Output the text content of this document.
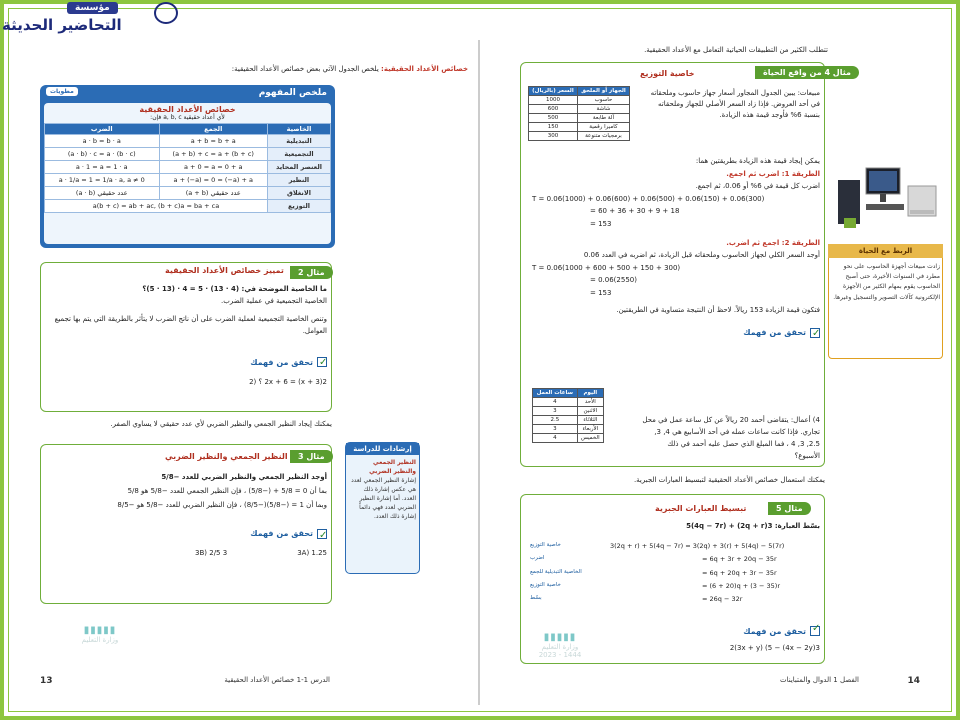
مؤسسة
التحاضير الحديثة
خصائص الأعداد الحقيقية: يلخص الجدول الآتي بعض خصائص الأعداد الحقيقية:
ملخص المفهوم
مطويات
خصائص الأعداد الحقيقية
لأي أعداد حقيقية a, b, c فإن:
الخاصية	الجمع	الضرب
التبديلية	a + b = b + a	a · b = b · a
التجميعية	(a + b) + c = a + (b + c)	(a · b) · c = a · (b · c)
العنصر المحايد	a + 0 = a = 0 + a	a · 1 = a = 1 · a
النظير	a + (−a) = 0 = (−a) + a	a · 1/a = 1 = 1/a · a, a ≠ 0
الانغلاق	(a + b) عدد حقيقي	(a · b) عدد حقيقي
التوزيع	a(b + c) = ab + ac, (b + c)a = ba + ca	
مثال 2
تمييز خصائص الأعداد الحقيقية
ما الخاصية الموضحة في: (4 · 13) · 5 = 4 · (13 · 5)؟
الخاصية التجميعية في عملية الضرب.
وتنص الخاصية التجميعية لعملية الضرب على أن ناتج الضرب لا يتأثر بالطريقة التي يتم بها تجميع العوامل.
✓
تحقق من فهمك
2(x + 3) = 2x + 6 ؟ (2
يمكنك إيجاد النظير الجمعي والنظير الضربي لأي عدد حقيقي لا يساوي الصفر.
مثال 3
النظير الجمعي والنظير الضربي
أوجد النظير الجمعي والنظير الضربي للعدد −5/8
بما أن 0 = 5/8 + (−5/8) ، فإن النظير الجمعي للعدد −5/8 هو 5/8
وبما أن 1 = (−5/8)(−8/5) ، فإن النظير الضربي للعدد −5/8 هو −8/5
✓
تحقق من فهمك
1.25 (3A
3 2/5 (3B
إرشادات للدراسة
النظير الجمعي والنظير الضربي
إشارة النظير الجمعي لعدد هي عكس إشارة ذلك العدد. أما إشارة النظير الضربي لعدد فهي دائماً إشارة ذلك العدد.
▮▮▮▮▮
وزارة التعليم
الدرس 1-1 خصائص الأعداد الحقيقية
13
تتطلب الكثير من التطبيقات الحياتية التعامل مع الأعداد الحقيقية.
مثال 4 من واقع الحياة
خاصية التوزيع
الجهاز أو الملحق	السعر (بالريال)
حاسوب	1000
شاشة	600
آلة طابعة	500
كاميرا رقمية	150
برمجيات متنوعة	300
مبيعات: يبين الجدول المجاور أسعار جهاز حاسوب وملحقاته في أحد العروض. فإذا زاد السعر الأصلي للجهاز وملحقاته بنسبة 6% فأوجد قيمة هذه الزيادة.
يمكن إيجاد قيمة هذه الزيادة بطريقتين هما:
الطريقة 1: اضرب ثم اجمع.
اضرب كل قيمة في 6% أو 0.06، ثم اجمع.
T = 0.06(1000) + 0.06(600) + 0.06(500) + 0.06(150) + 0.06(300)
= 60 + 36 + 30 + 9 + 18
= 153
الطريقة 2: اجمع ثم اضرب.
أوجد السعر الكلي لجهاز الحاسوب وملحقاته قبل الزيادة، ثم اضربه في العدد 0.06
T = 0.06(1000 + 600 + 500 + 150 + 300)
= 0.06(2550)
= 153
فتكون قيمة الزيادة 153 ريالاً. لاحظ أن النتيجة متساوية في الطريقتين.
✓
تحقق من فهمك
4) أعمال: يتقاضى أحمد 20 ريالاً عن كل ساعة عمل في محل تجاري. فإذا كانت ساعات عمله في أحد الأسابيع هي 4, 3, 2.5, 3, 4 ، فما المبلغ الذي حصل عليه أحمد في ذلك الأسبوع؟
اليوم	ساعات العمل
الأحد	4
الاثنين	3
الثلاثاء	2.5
الأربعاء	3
الخميس	4
الربط مع الحياة
زادت مبيعات أجهزة الحاسوب على نحو مطرد في السنوات الأخيرة، حتى أصبح الحاسوب يقوم بمهام الكثير من الأجهزة الإلكترونية كآلات التصوير والتسجيل وغيرها.
يمكنك استعمال خصائص الأعداد الحقيقية لتبسيط العبارات الجبرية.
مثال 5
تبسيط العبارات الجبرية
بسّط العبارة: 3(2q + r) + 5(4q − 7r)
خاصية التوزيع	3(2q + r) + 5(4q − 7r) = 3(2q) + 3(r) + 5(4q) − 5(7r)
اضرب	= 6q + 3r + 20q − 35r
الخاصية التبديلية للجمع	= 6q + 20q + 3r − 35r
خاصية التوزيع	= (6 + 20)q + (3 − 35)r
بسّط	= 26q − 32r
✓
تحقق من فهمك
3(4x − 2y) − 2(3x + y) (5
▮▮▮▮▮
وزارة التعليم
2023 - 1444
14
الفصل 1 الدوال والمتباينات
